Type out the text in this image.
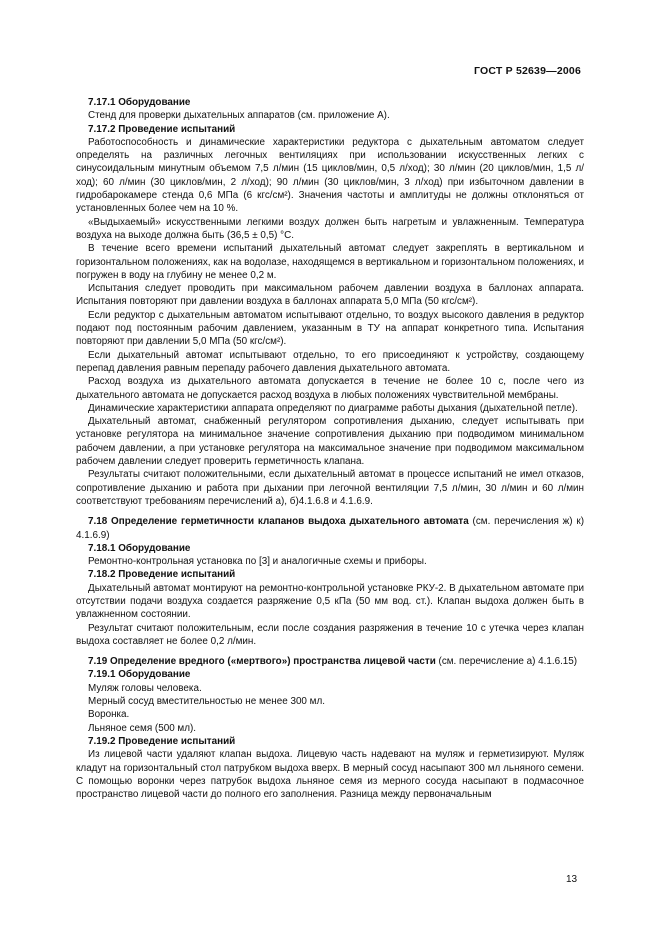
ГОСТ Р 52639—2006
7.17.1 Оборудование
Стенд для проверки дыхательных аппаратов (см. приложение А).
7.17.2 Проведение испытаний
Работоспособность и динамические характеристики редуктора с дыхательным автоматом следует определять на различных легочных вентиляциях при использовании искусственных легких с синусоидальным минутным объемом 7,5 л/мин (15 циклов/мин, 0,5 л/ход); 30 л/мин (20 циклов/мин, 1,5 л/ход); 60 л/мин (30 циклов/мин, 2 л/ход); 90 л/мин (30 циклов/мин, 3 л/ход) при избыточном давлении в гидробарокамере стенда 0,6 МПа (6 кгс/см²). Значения частоты и амплитуды не должны отклоняться от установленных более чем на 10 %.
«Выдыхаемый» искусственными легкими воздух должен быть нагретым и увлажненным. Температура воздуха на выходе должна быть (36,5 ± 0,5) °С.
В течение всего времени испытаний дыхательный автомат следует закреплять в вертикальном и горизонтальном положениях, как на водолазе, находящемся в вертикальном и горизонтальном положениях, и погружен в воду на глубину не менее 0,2 м.
Испытания следует проводить при максимальном рабочем давлении воздуха в баллонах аппарата. Испытания повторяют при давлении воздуха в баллонах аппарата 5,0 МПа (50 кгс/см²).
Если редуктор с дыхательным автоматом испытывают отдельно, то воздух высокого давления в редуктор подают под постоянным рабочим давлением, указанным в ТУ на аппарат конкретного типа. Испытания повторяют при давлении 5,0 МПа (50 кгс/см²).
Если дыхательный автомат испытывают отдельно, то его присоединяют к устройству, создающему перепад давления равным перепаду рабочего давления дыхательного автомата.
Расход воздуха из дыхательного автомата допускается в течение не более 10 с, после чего из дыхательного автомата не допускается расход воздуха в любых положениях чувствительной мембраны.
Динамические характеристики аппарата определяют по диаграмме работы дыхания (дыхательной петле).
Дыхательный автомат, снабженный регулятором сопротивления дыханию, следует испытывать при установке регулятора на минимальное значение сопротивления дыханию при подводимом минимальном рабочем давлении, а при установке регулятора на максимальное значение при подводимом максимальном рабочем давлении следует проверить герметичность клапана.
Результаты считают положительными, если дыхательный автомат в процессе испытаний не имел отказов, сопротивление дыханию и работа при дыхании при легочной вентиляции 7,5 л/мин, 30 л/мин и 60 л/мин соответствуют требованиям перечислений а), б)4.1.6.8 и 4.1.6.9.
7.18 Определение герметичности клапанов выдоха дыхательного автомата (см. перечисления ж) к) 4.1.6.9)
7.18.1 Оборудование
Ремонтно-контрольная установка по [3] и аналогичные схемы и приборы.
7.18.2 Проведение испытаний
Дыхательный автомат монтируют на ремонтно-контрольной установке РКУ-2. В дыхательном автомате при отсутствии подачи воздуха создается разряжение 0,5 кПа (50 мм вод. ст.). Клапан выдоха должен быть в увлажненном состоянии.
Результат считают положительным, если после создания разряжения в течение 10 с утечка через клапан выдоха составляет не более 0,2 л/мин.
7.19 Определение вредного («мертвого») пространства лицевой части (см. перечисление а) 4.1.6.15)
7.19.1 Оборудование
Муляж головы человека.
Мерный сосуд вместительностью не менее 300 мл.
Воронка.
Льняное семя (500 мл).
7.19.2 Проведение испытаний
Из лицевой части удаляют клапан выдоха. Лицевую часть надевают на муляж и герметизируют. Муляж кладут на горизонтальный стол патрубком выдоха вверх. В мерный сосуд насыпают 300 мл льняного семени. С помощью воронки через патрубок выдоха льняное семя из мерного сосуда насыпают в подмасочное пространство лицевой части до полного его заполнения. Разница между первоначальным
13
